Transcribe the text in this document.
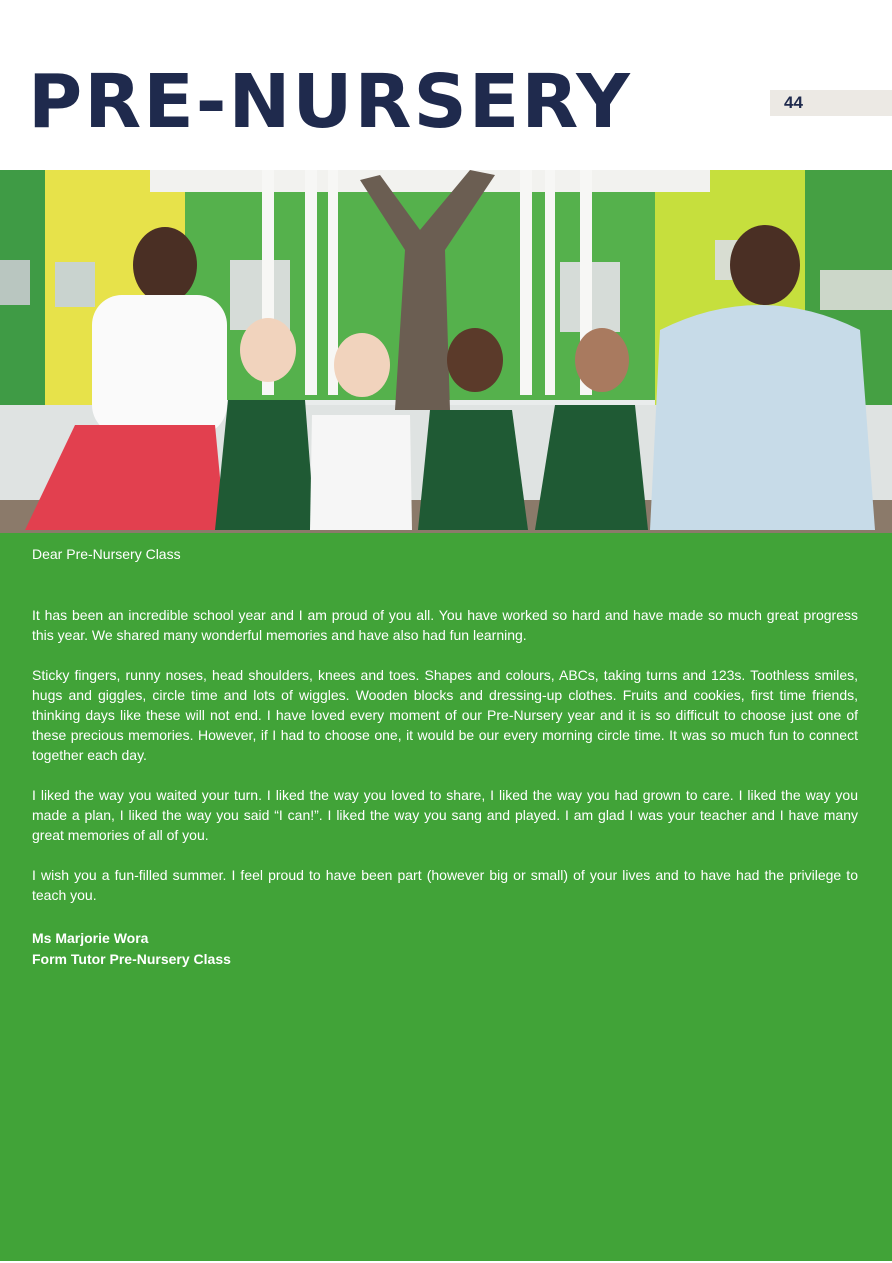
PRE-NURSERY	44
Dear Pre-Nursery Class

It has been an incredible school year and I am proud of you all. You have worked so hard and have made so much great progress this year. We shared many wonderful memories and have also had fun learning.

Sticky fingers, runny noses, head shoulders, knees and toes. Shapes and colours, ABCs, taking turns and 123s. Toothless smiles, hugs and giggles, circle time and lots of wiggles. Wooden blocks and dressing-up clothes. Fruits and cookies, first time friends, thinking days like these will not end. I have loved every moment of our Pre-Nursery year and it is so difficult to choose just one of these precious memories. However, if I had to choose one, it would be our every morning circle time. It was so much fun to connect together each day.

I liked the way you waited your turn. I liked the way you loved to share, I liked the way you had grown to care. I liked the way you made a plan, I liked the way you said “I can!”. I liked the way you sang and played. I am glad I was your teacher and I have many great memories of all of you.

I wish you a fun-filled summer. I feel proud to have been part (however big or small) of your lives and to have had the privilege to teach you.

Ms Marjorie Wora
Form Tutor Pre-Nursery Class
